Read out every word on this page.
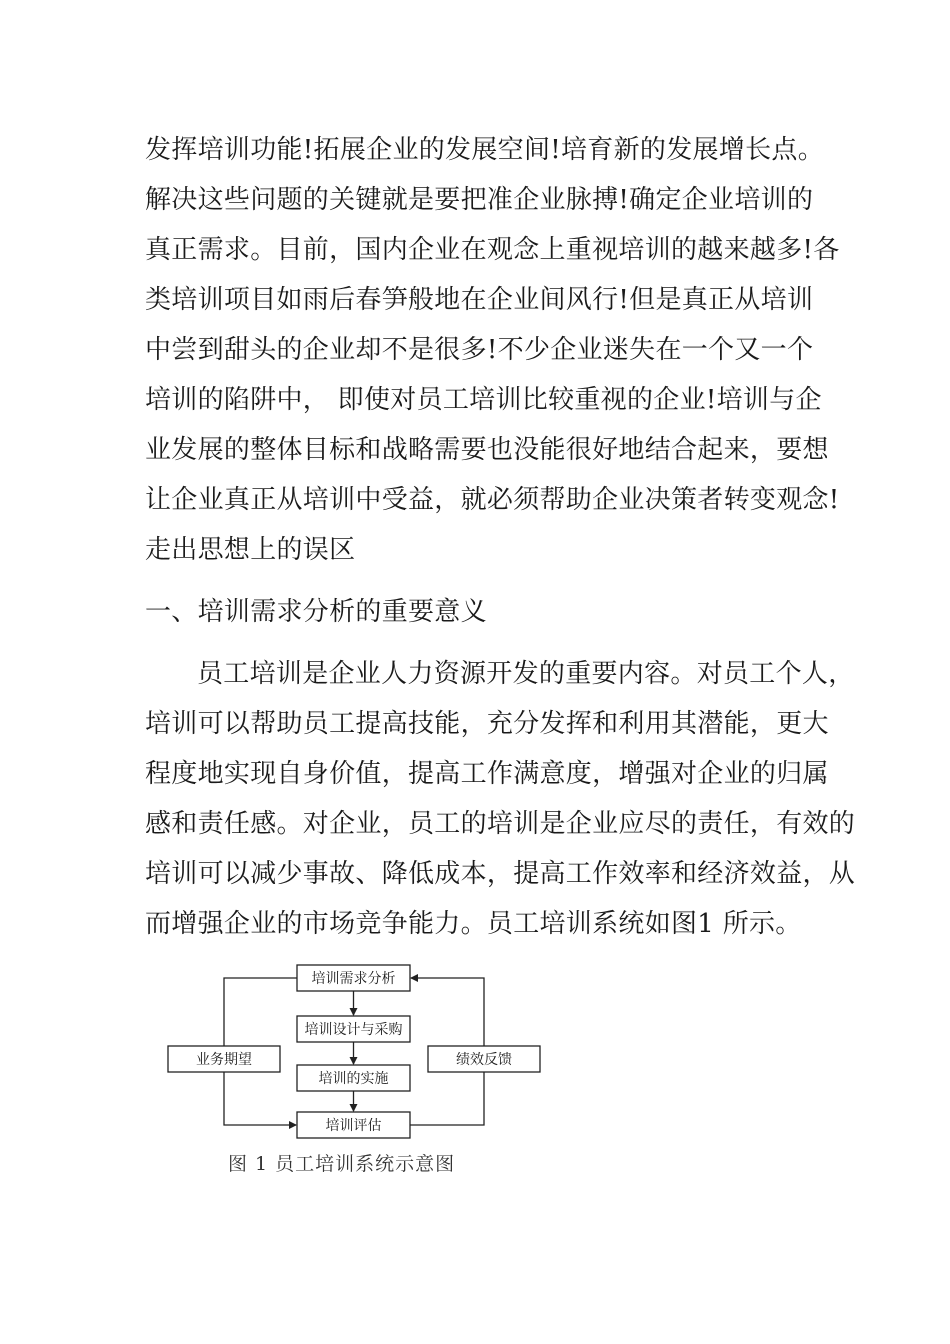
发挥培训功能!拓展企业的发展空间!培育新的发展增长点。
解决这些问题的关键就是要把准企业脉搏!确定企业培训的
真正需求。目前，国内企业在观念上重视培训的越来越多!各
类培训项目如雨后春笋般地在企业间风行!但是真正从培训
中尝到甜头的企业却不是很多!不少企业迷失在一个又一个
培训的陷阱中， 即使对员工培训比较重视的企业!培训与企
业发展的整体目标和战略需要也没能很好地结合起来，要想
让企业真正从培训中受益，就必须帮助企业决策者转变观念!
走出思想上的误区
一、培训需求分析的重要意义
员工培训是企业人力资源开发的重要内容。对员工个人，
培训可以帮助员工提高技能，充分发挥和利用其潜能，更大
程度地实现自身价值，提高工作满意度，增强对企业的归属
感和责任感。对企业，员工的培训是企业应尽的责任，有效的
培训可以减少事故、降低成本，提高工作效率和经济效益，从
而增强企业的市场竞争能力。员工培训系统如图1 所示。
培训需求分析
培训设计与采购
培训的实施
培训评估
业务期望	绩效反馈
图 1 员工培训系统示意图
